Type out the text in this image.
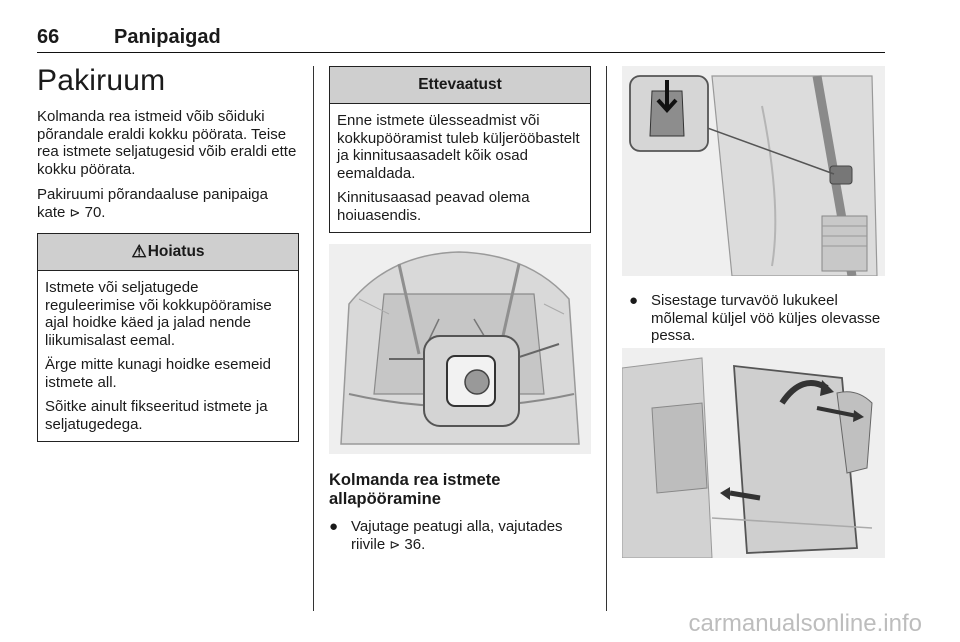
66	Panipaigad
Pakiruum

Kolmanda rea istmeid võib sõiduki põrandale eraldi kokku pöörata. Teise rea istmete seljatugesid võib eraldi ette kokku pöörata.

Pakiruumi põrandaaluse panipaiga kate ⊳ 70.

⚠Hoiatus

Istmete või seljatugede reguleerimise või kokkupööramise ajal hoidke käed ja jalad nende liikumisalast eemal.

Ärge mitte kunagi hoidke esemeid istmete all.

Sõitke ainult fikseeritud istmete ja seljatugedega.

Ettevaatust

Enne istmete ülesseadmist või kokkupööramist tuleb küljerööbastelt ja kinnitusaasadelt kõik osad eemaldada.

Kinnitusaasad peavad olema hoiuasendis.

Kolmanda rea istmete allapööramine

● Vajutage peatugi alla, vajutades riivile ⊳ 36.
● Sisestage turvavöö lukukeel mõlemal küljel vöö küljes olevasse pessa.
carmanualsonline.info
